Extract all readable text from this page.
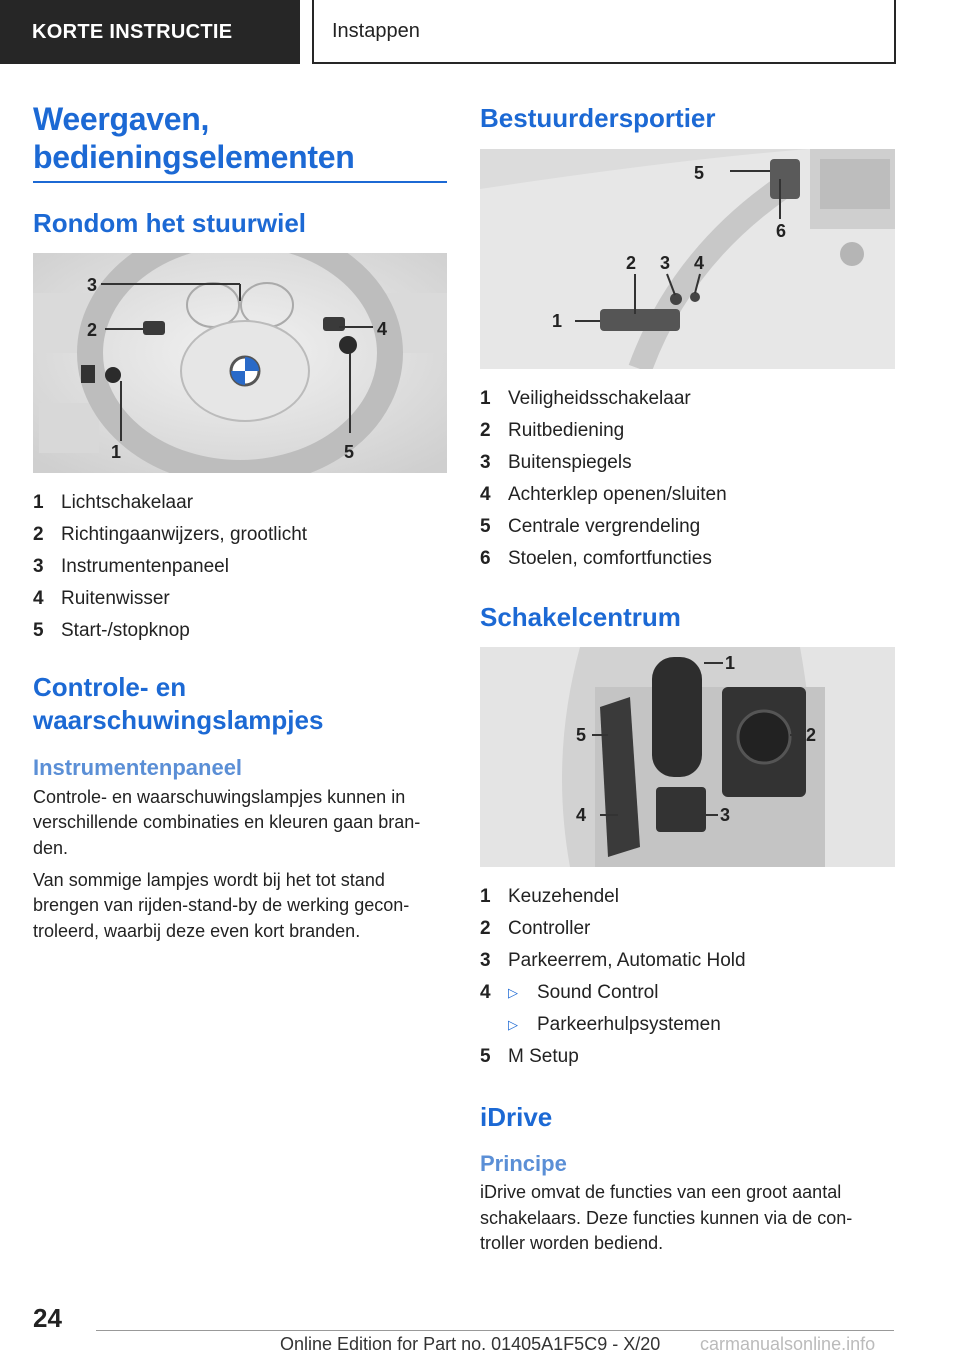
KORTE INSTRUCTIE	Instappen
Weergaven, bedieningselementen
Rondom het stuurwiel
3
2	4
1	5
1 Lichtschakelaar
2 Richtingaanwijzers, grootlicht
3 Instrumentenpaneel
4 Ruitenwisser
5 Start-/stopknop
Controle- en waarschuwingslampjes
Instrumentenpaneel

Controle- en waarschuwingslampjes kunnen in verschillende combinaties en kleuren gaan bran-den.

Van sommige lampjes wordt bij het tot stand brengen van rijden-stand-by de werking gecon-troleerd, waarbij deze even kort branden.

Bestuurdersportier
5
6
2 3 4
1
1 Veiligheidsschakelaar
2 Ruitbediening
3 Buitenspiegels
4 Achterklep openen/sluiten
5 Centrale vergrendeling
6 Stoelen, comfortfuncties
Schakelcentrum
1
5	2
4	3
1 Keuzehendel
2 Controller
3 Parkeerrem, Automatic Hold
4	▷	Sound Control
▷	Parkeerhulpsystemen
5 M Setup
iDrive
Principe

iDrive omvat de functies van een groot aantal schakelaars. Deze functies kunnen via de con-troller worden bediend.

24
Online Edition for Part no. 01405A1F5C9 - X/20 carmanualsonline.info
